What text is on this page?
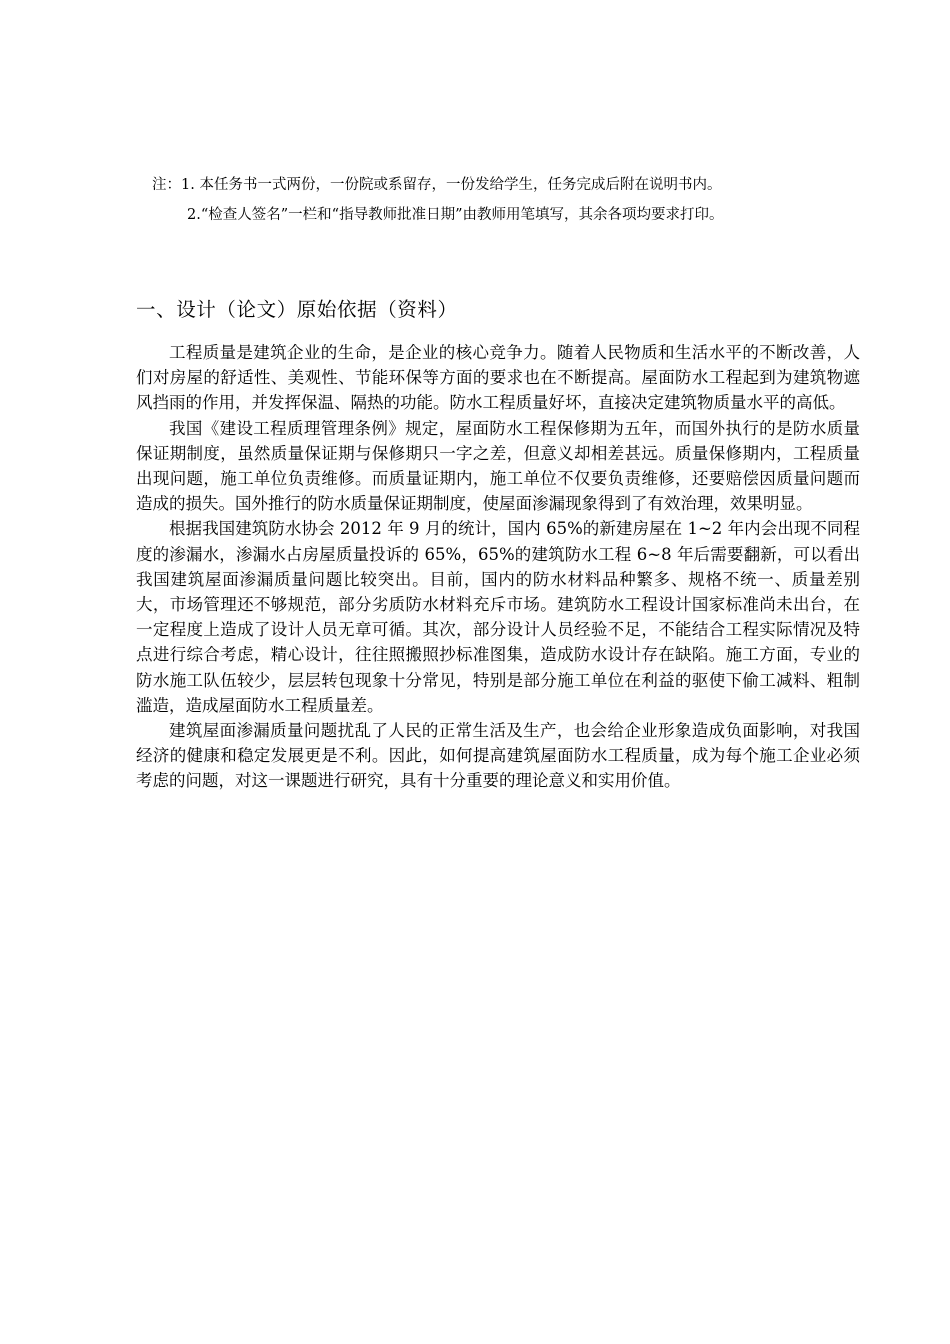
注：1. 本任务书一式两份，一份院或系留存，一份发给学生，任务完成后附在说明书内。

2.“检查人签名”一栏和“指导教师批准日期”由教师用笔填写，其余各项均要求打印。

一、设计（论文）原始依据（资料）

工程质量是建筑企业的生命，是企业的核心竞争力。随着人民物质和生活水平的不断改善，人们对房屋的舒适性、美观性、节能环保等方面的要求也在不断提高。屋面防水工程起到为建筑物遮风挡雨的作用，并发挥保温、隔热的功能。防水工程质量好坏，直接决定建筑物质量水平的高低。

我国《建设工程质理管理条例》规定，屋面防水工程保修期为五年，而国外执行的是防水质量保证期制度，虽然质量保证期与保修期只一字之差，但意义却相差甚远。质量保修期内，工程质量出现问题，施工单位负责维修。而质量证期内，施工单位不仅要负责维修，还要赔偿因质量问题而造成的损失。国外推行的防水质量保证期制度，使屋面渗漏现象得到了有效治理，效果明显。

根据我国建筑防水协会 2012 年 9 月的统计，国内 65%的新建房屋在 1~2 年内会出现不同程度的渗漏水，渗漏水占房屋质量投诉的 65%，65%的建筑防水工程 6~8 年后需要翻新，可以看出我国建筑屋面渗漏质量问题比较突出。目前，国内的防水材料品种繁多、规格不统一、质量差别大，市场管理还不够规范，部分劣质防水材料充斥市场。建筑防水工程设计国家标准尚未出台，在一定程度上造成了设计人员无章可循。其次，部分设计人员经验不足，不能结合工程实际情况及特点进行综合考虑，精心设计，往往照搬照抄标准图集，造成防水设计存在缺陷。施工方面，专业的防水施工队伍较少，层层转包现象十分常见，特别是部分施工单位在利益的驱使下偷工减料、粗制滥造，造成屋面防水工程质量差。

建筑屋面渗漏质量问题扰乱了人民的正常生活及生产，也会给企业形象造成负面影响，对我国经济的健康和稳定发展更是不利。因此，如何提高建筑屋面防水工程质量，成为每个施工企业必须考虑的问题，对这一课题进行研究，具有十分重要的理论意义和实用价值。
